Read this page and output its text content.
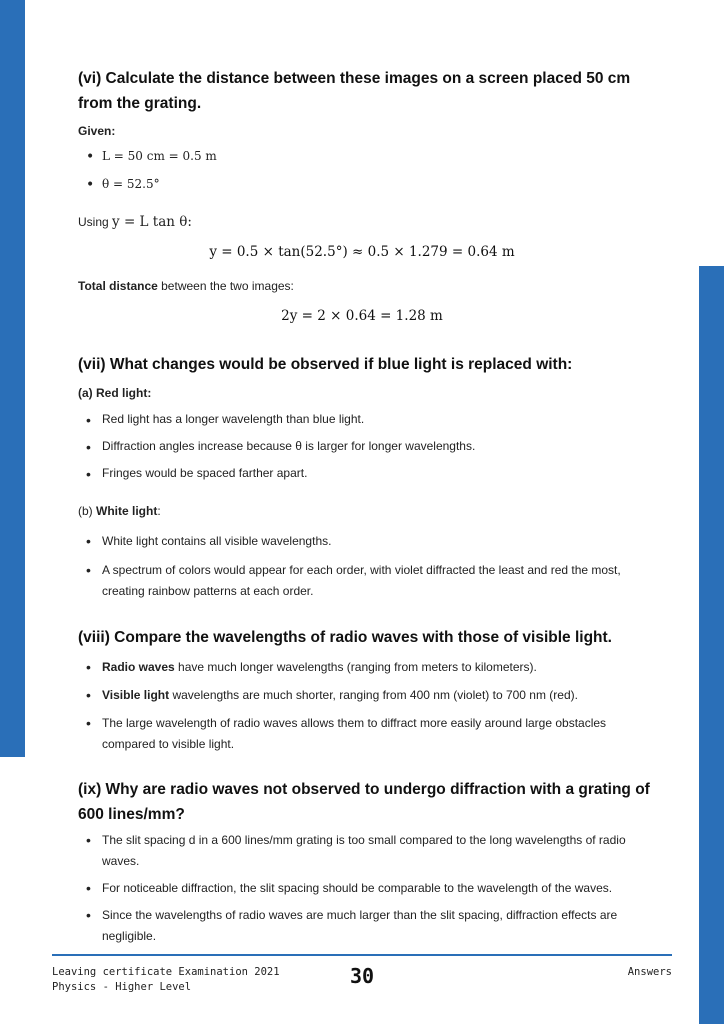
(vi) Calculate the distance between these images on a screen placed 50 cm from the grating.
Given:
• L = 50 cm = 0.5 m
• θ = 52.5°
Using y = L tan θ:
y = 0.5 × tan(52.5°) ≈ 0.5 × 1.279 = 0.64 m
Total distance between the two images:
2y = 2 × 0.64 = 1.28 m
(vii) What changes would be observed if blue light is replaced with:
(a) Red light:
• Red light has a longer wavelength than blue light.
• Diffraction angles increase because θ is larger for longer wavelengths.
• Fringes would be spaced farther apart.
(b) White light:
• White light contains all visible wavelengths.
• A spectrum of colors would appear for each order, with violet diffracted the least and red the most, creating rainbow patterns at each order.
(viii) Compare the wavelengths of radio waves with those of visible light.
• Radio waves have much longer wavelengths (ranging from meters to kilometers).
• Visible light wavelengths are much shorter, ranging from 400 nm (violet) to 700 nm (red).
• The large wavelength of radio waves allows them to diffract more easily around large obstacles compared to visible light.
(ix) Why are radio waves not observed to undergo diffraction with a grating of 600 lines/mm?
• The slit spacing d in a 600 lines/mm grating is too small compared to the long wavelengths of radio waves.
• For noticeable diffraction, the slit spacing should be comparable to the wavelength of the waves.
• Since the wavelengths of radio waves are much larger than the slit spacing, diffraction effects are negligible.
Leaving certificate Examination 2021
Physics - Higher Level	30	Answers
